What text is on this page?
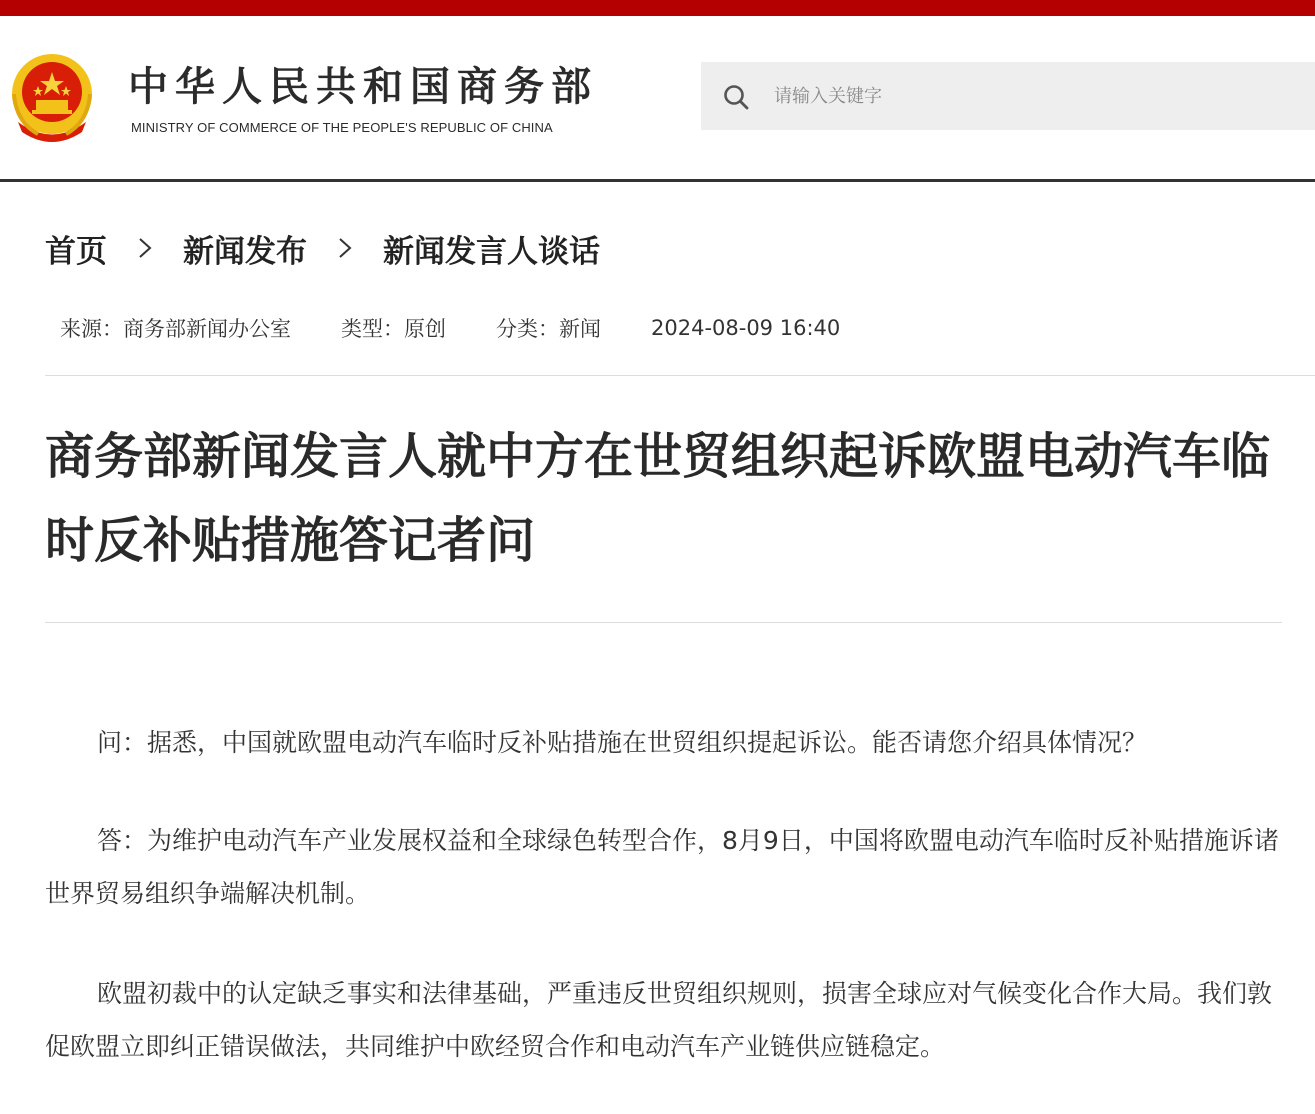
中华人民共和国商务部
MINISTRY OF COMMERCE OF THE PEOPLE'S REPUBLIC OF CHINA
请输入关键字
首页 新闻发布 新闻发言人谈话
来源：商务部新闻办公室 类型：原创 分类：新闻 2024-08-09 16:40
商务部新闻发言人就中方在世贸组织起诉欧盟电动汽车临时反补贴措施答记者问

问：据悉，中国就欧盟电动汽车临时反补贴措施在世贸组织提起诉讼。能否请您介绍具体情况？

答：为维护电动汽车产业发展权益和全球绿色转型合作，8月9日，中国将欧盟电动汽车临时反补贴措施诉诸世界贸易组织争端解决机制。

欧盟初裁中的认定缺乏事实和法律基础，严重违反世贸组织规则，损害全球应对气候变化合作大局。我们敦促欧盟立即纠正错误做法，共同维护中欧经贸合作和电动汽车产业链供应链稳定。
